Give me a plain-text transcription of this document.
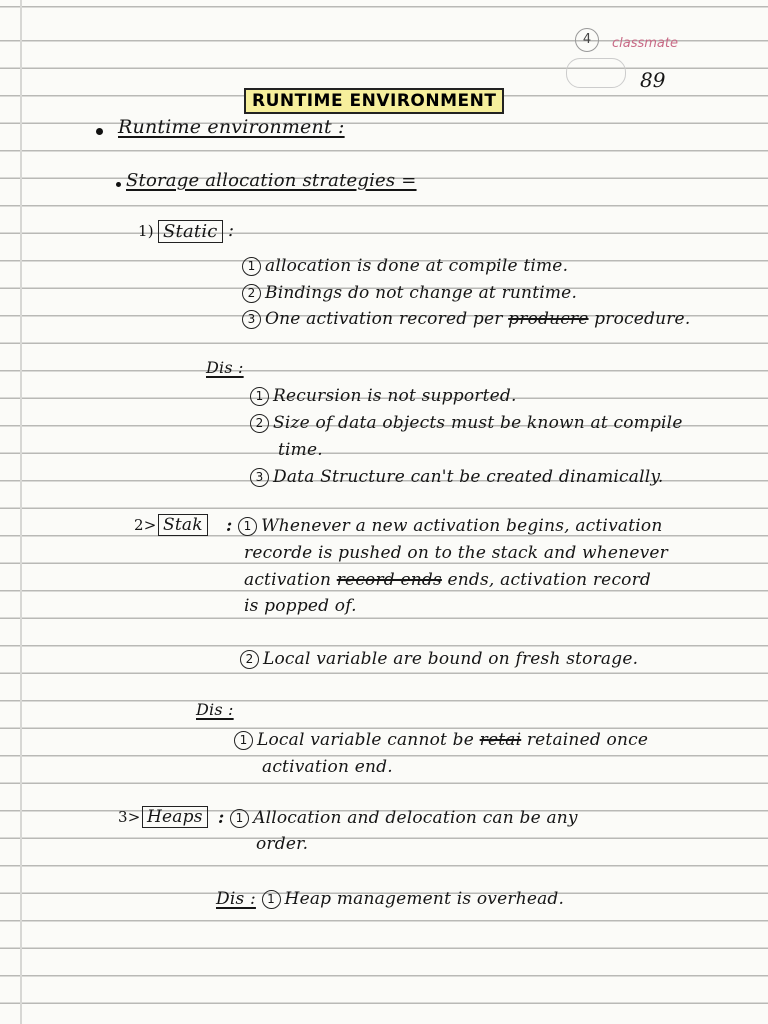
4	classmate
89
RUNTIME ENVIRONMENT
Runtime environment :
Storage allocation strategies =
1) Static :
1 allocation is done at compile time.
2 Bindings do not change at runtime.
3 One activation recored per producre procedure.
Dis :
1 Recursion is not supported.
2 Size of data objects must be known at compile
time.
3 Data Structure can't be created dinamically.
2> Stak : 1 Whenever a new activation begins, activation
recorde is pushed on to the stack and whenever
activation record ends ends, activation record
is popped of.
2 Local variable are bound on fresh storage.
Dis :
1 Local variable cannot be retai retained once
activation end.
3> Heaps : 1 Allocation and delocation can be any
order.
Dis : 1 Heap management is overhead.
